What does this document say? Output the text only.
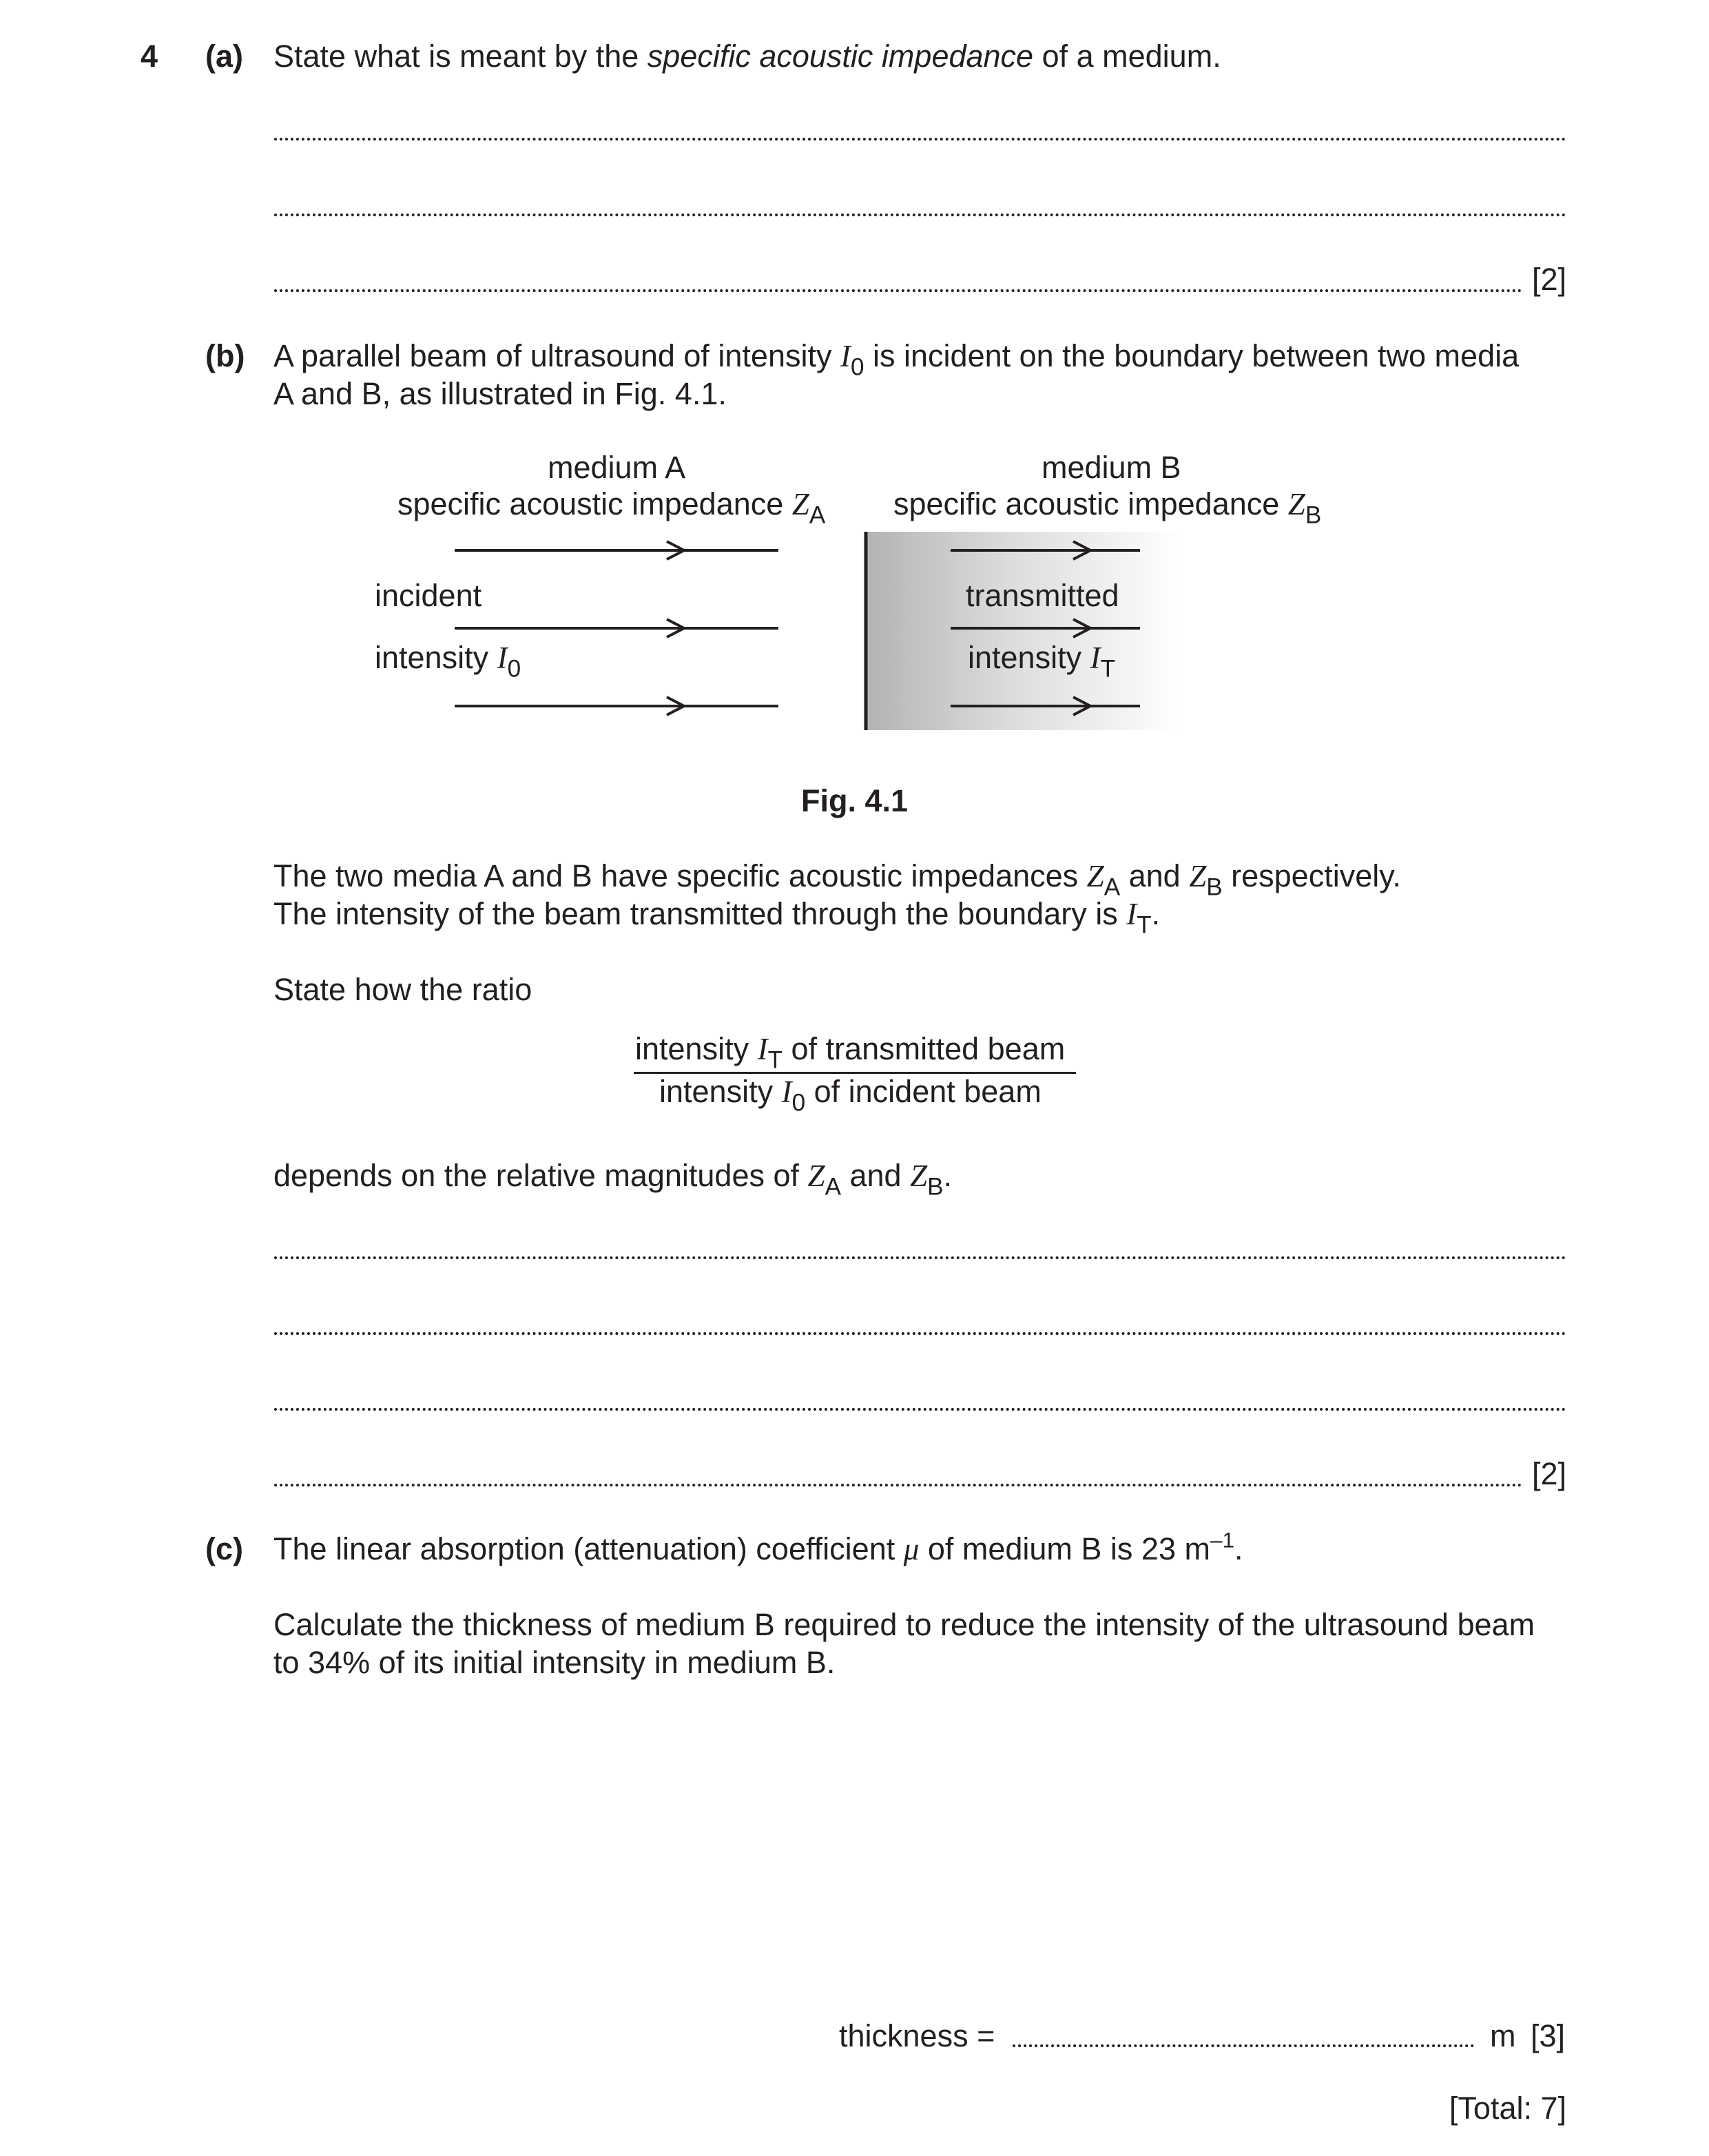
4 (a) State what is meant by the specific acoustic impedance of a medium.
[2]
(b) A parallel beam of ultrasound of intensity $I_0$ is incident on the boundary between two media
A and B, as illustrated in Fig. 4.1.
medium A
specific acoustic impedance $Z_A$
medium B
specific acoustic impedance $Z_B$
incident
intensity $I_0$
transmitted
intensity $I_T$
Fig. 4.1
The two media A and B have specific acoustic impedances $Z_A$ and $Z_B$ respectively.
The intensity of the beam transmitted through the boundary is $I_T$.
State how the ratio
intensity $I_T$ of transmitted beam
intensity $I_0$ of incident beam
depends on the relative magnitudes of $Z_A$ and $Z_B$.
[2]
(c) The linear absorption (attenuation) coefficient μ of medium B is 23 $m^{-1}$.
Calculate the thickness of medium B required to reduce the intensity of the ultrasound beam
to 34% of its initial intensity in medium B.
thickness =	m [3]
[Total: 7]
